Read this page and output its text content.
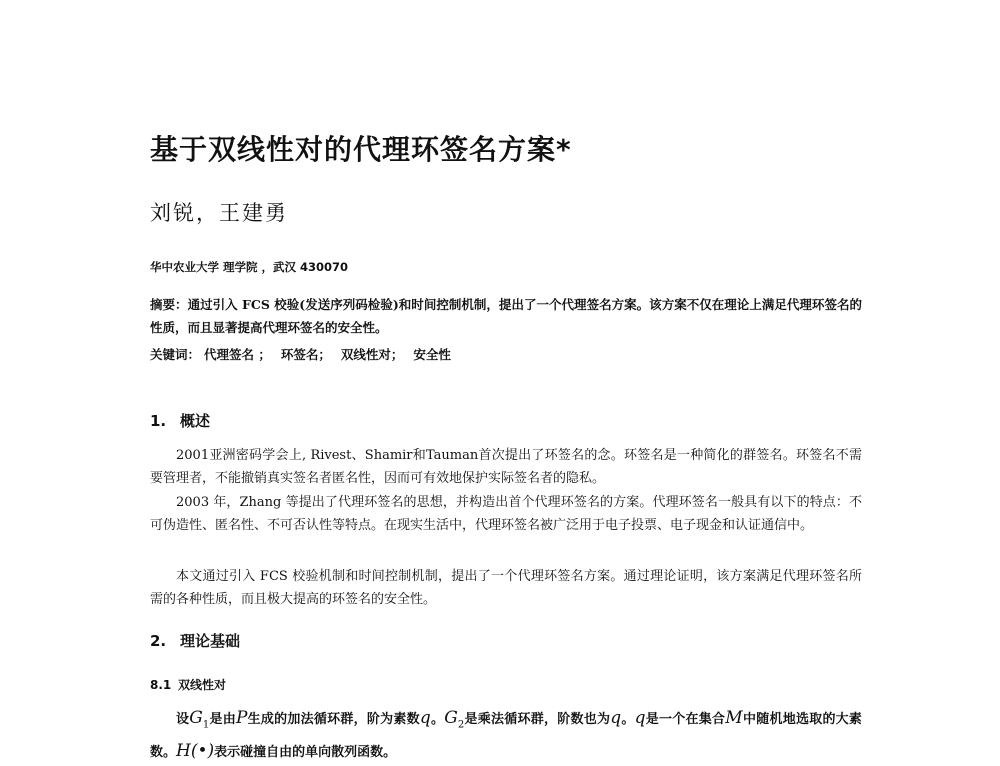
基于双线性对的代理环签名方案*
刘锐，王建勇
华中农业大学 理学院 ，武汉 430070
摘要：通过引入 FCS 校验(发送序列码检验)和时间控制机制，提出了一个代理签名方案。该方案不仅在理论上满足代理环签名的性质，而且显著提高代理环签名的安全性。
关键词： 代理签名 ； 环签名； 双线性对； 安全性
1. 概述

2001亚洲密码学会上, Rivest、Shamir和Tauman首次提出了环签名的念。环签名是一种简化的群签名。环签名不需要管理者，不能撤销真实签名者匿名性，因而可有效地保护实际签名者的隐私。

2003 年，Zhang 等提出了代理环签名的思想，并构造出首个代理环签名的方案。代理环签名一般具有以下的特点：不可伪造性、匿名性、不可否认性等特点。在现实生活中，代理环签名被广泛用于电子投票、电子现金和认证通信中。

本文通过引入 FCS 校验机制和时间控制机制，提出了一个代理环签名方案。通过理论证明，该方案满足代理环签名所需的各种性质，而且极大提高的环签名的安全性。

2. 理论基础
8.1 双线性对

设$G_1$是由P生成的加法循环群，阶为素数q。$G_2$是乘法循环群，阶数也为q。q是一个在集合M中随机地选取的大素数。H(•)表示碰撞自由的单向散列函数。
